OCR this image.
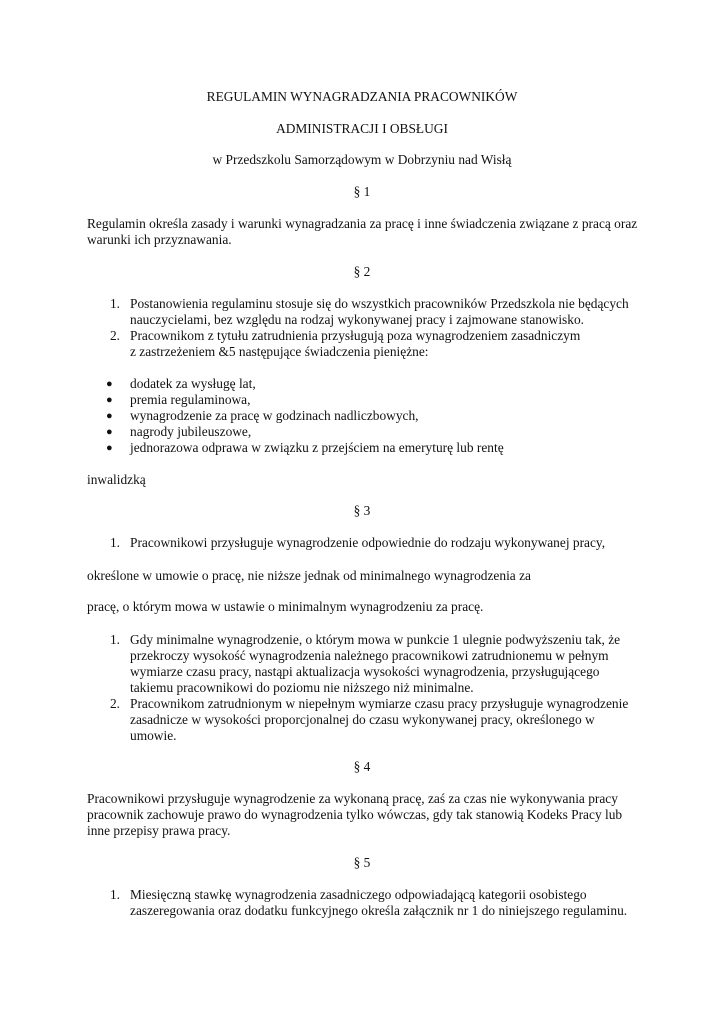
REGULAMIN WYNAGRADZANIA PRACOWNIKÓW

ADMINISTRACJI I OBSŁUGI

w Przedszkolu Samorządowym w Dobrzyniu nad Wisłą

§ 1

Regulamin określa zasady i warunki wynagradzania za pracę i inne świadczenia związane z pracą oraz

warunki ich przyznawania.

§ 2

1. Postanowienia regulaminu stosuje się do wszystkich pracowników Przedszkola nie będących

nauczycielami, bez względu na rodzaj wykonywanej pracy i zajmowane stanowisko.

2. Pracownikom z tytułu zatrudnienia przysługują poza wynagrodzeniem zasadniczym

z zastrzeżeniem &5 następujące świadczenia pieniężne:

● dodatek za wysługę lat,

● premia regulaminowa,

● wynagrodzenie za pracę w godzinach nadliczbowych,

● nagrody jubileuszowe,

● jednorazowa odprawa w związku z przejściem na emeryturę lub rentę

inwalidzką

§ 3

1. Pracownikowi przysługuje wynagrodzenie odpowiednie do rodzaju wykonywanej pracy,

określone w umowie o pracę, nie niższe jednak od minimalnego wynagrodzenia za

pracę, o którym mowa w ustawie o minimalnym wynagrodzeniu za pracę.

1. Gdy minimalne wynagrodzenie, o którym mowa w punkcie 1 ulegnie podwyższeniu tak, że

przekroczy wysokość wynagrodzenia należnego pracownikowi zatrudnionemu w pełnym

wymiarze czasu pracy, nastąpi aktualizacja wysokości wynagrodzenia, przysługującego

takiemu pracownikowi do poziomu nie niższego niż minimalne.

2. Pracownikom zatrudnionym w niepełnym wymiarze czasu pracy przysługuje wynagrodzenie

zasadnicze w wysokości proporcjonalnej do czasu wykonywanej pracy, określonego w

umowie.

§ 4

Pracownikowi przysługuje wynagrodzenie za wykonaną pracę, zaś za czas nie wykonywania pracy

pracownik zachowuje prawo do wynagrodzenia tylko wówczas, gdy tak stanowią Kodeks Pracy lub

inne przepisy prawa pracy.

§ 5

1. Miesięczną stawkę wynagrodzenia zasadniczego odpowiadającą kategorii osobistego

zaszeregowania oraz dodatku funkcyjnego określa załącznik nr 1 do niniejszego regulaminu.
